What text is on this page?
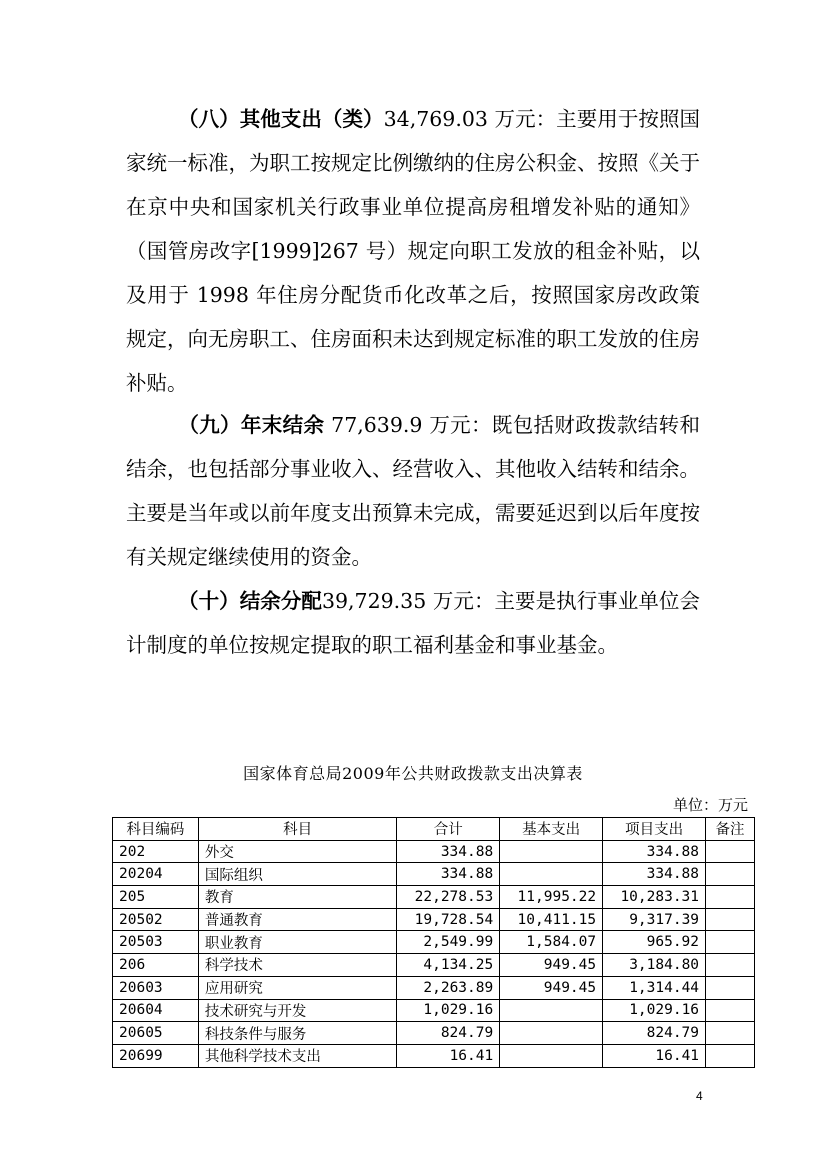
（八）其他支出（类）34,769.03 万元：主要用于按照国家统一标准，为职工按规定比例缴纳的住房公积金、按照《关于在京中央和国家机关行政事业单位提高房租增发补贴的通知》（国管房改字[1999]267 号）规定向职工发放的租金补贴，以及用于 1998 年住房分配货币化改革之后，按照国家房改政策规定，向无房职工、住房面积未达到规定标准的职工发放的住房补贴。
（九）年末结余 77,639.9 万元：既包括财政拨款结转和结余，也包括部分事业收入、经营收入、其他收入结转和结余。主要是当年或以前年度支出预算未完成，需要延迟到以后年度按有关规定继续使用的资金。
（十）结余分配39,729.35 万元：主要是执行事业单位会计制度的单位按规定提取的职工福利基金和事业基金。
国家体育总局2009年公共财政拨款支出决算表
单位：万元
科目编码	科目	合计	基本支出	项目支出	备注
202	外交	334.88		334.88	
20204	国际组织	334.88		334.88	
205	教育	22,278.53	11,995.22	10,283.31	
20502	普通教育	19,728.54	10,411.15	9,317.39	
20503	职业教育	2,549.99	1,584.07	965.92	
206	科学技术	4,134.25	949.45	3,184.80	
20603	应用研究	2,263.89	949.45	1,314.44	
20604	技术研究与开发	1,029.16		1,029.16	
20605	科技条件与服务	824.79		824.79	
20699	其他科学技术支出	16.41		16.41	
4
